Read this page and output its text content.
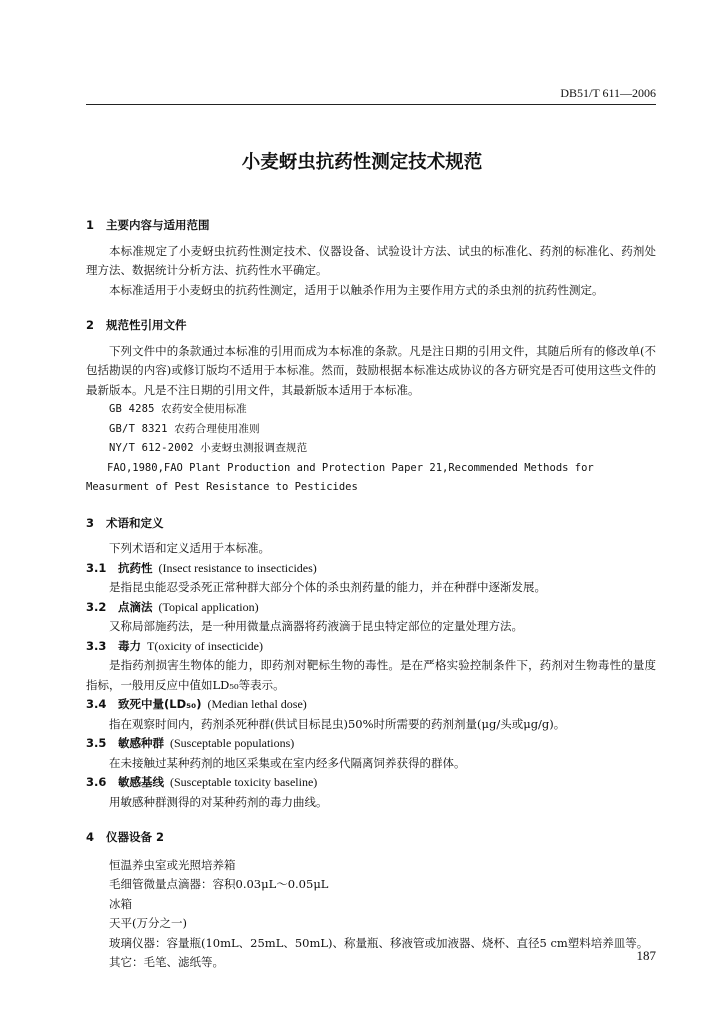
DB51/T 611—2006
小麦蚜虫抗药性测定技术规范
1 主要内容与适用范围
本标准规定了小麦蚜虫抗药性测定技术、仪器设备、试验设计方法、试虫的标准化、药剂的标准化、药剂处理方法、数据统计分析方法、抗药性水平确定。
本标准适用于小麦蚜虫的抗药性测定，适用于以触杀作用为主要作用方式的杀虫剂的抗药性测定。
2 规范性引用文件
下列文件中的条款通过本标准的引用而成为本标准的条款。凡是注日期的引用文件，其随后所有的修改单(不包括勘误的内容)或修订版均不适用于本标准。然而，鼓励根据本标准达成协议的各方研究是否可使用这些文件的最新版本。凡是不注日期的引用文件，其最新版本适用于本标准。
GB 4285 农药安全使用标准
GB/T 8321 农药合理使用准则
NY/T 612-2002 小麦蚜虫测报调查规范
FAO,1980,FAO Plant Production and Protection Paper 21,Recommended Methods for Measurment of Pest Resistance to Pesticides
3 术语和定义
下列术语和定义适用于本标准。
3.1 抗药性 (Insect resistance to insecticides)
是指昆虫能忍受杀死正常种群大部分个体的杀虫剂药量的能力，并在种群中逐渐发展。
3.2 点滴法 (Topical application)
又称局部施药法，是一种用微量点滴器将药液滴于昆虫特定部位的定量处理方法。
3.3 毒力 T(oxicity of insecticide)
是指药剂损害生物体的能力，即药剂对靶标生物的毒性。是在严格实验控制条件下，药剂对生物毒性的量度指标，一般用反应中值如LD₅₀等表示。
3.4 致死中量(LD₅₀) (Median lethal dose)
指在观察时间内，药剂杀死种群(供试目标昆虫)50%时所需要的药剂剂量(μg/头或μg/g)。
3.5 敏感种群 (Susceptable populations)
在未接触过某种药剂的地区采集或在室内经多代隔离饲养获得的群体。
3.6 敏感基线 (Susceptable toxicity baseline)
用敏感种群测得的对某种药剂的毒力曲线。
4 仪器设备 2
恒温养虫室或光照培养箱
毛细管微量点滴器：容积0.03μL～0.05μL
冰箱
天平(万分之一)
玻璃仪器：容量瓶(10mL、25mL、50mL)、称量瓶、移液管或加液器、烧杯、直径5 cm塑料培养皿等。
其它：毛笔、滤纸等。	187
